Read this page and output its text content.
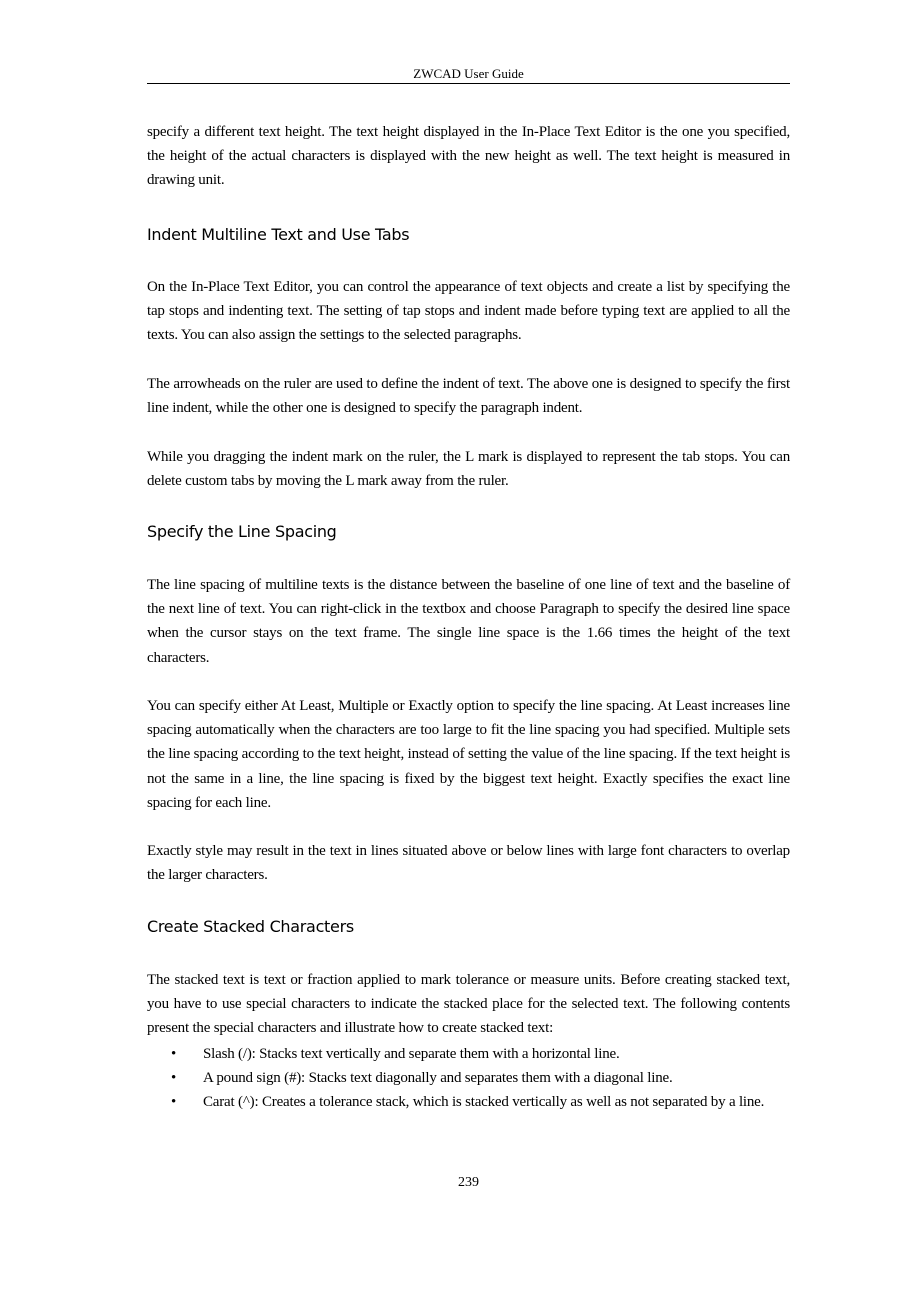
ZWCAD User Guide
specify a different text height. The text height displayed in the In-Place Text Editor is the one you specified, the height of the actual characters is displayed with the new height as well. The text height is measured in drawing unit.
Indent Multiline Text and Use Tabs
On the In-Place Text Editor, you can control the appearance of text objects and create a list by specifying the tap stops and indenting text. The setting of tap stops and indent made before typing text are applied to all the texts. You can also assign the settings to the selected paragraphs.
The arrowheads on the ruler are used to define the indent of text. The above one is designed to specify the first line indent, while the other one is designed to specify the paragraph indent.
While you dragging the indent mark on the ruler, the L mark is displayed to represent the tab stops. You can delete custom tabs by moving the L mark away from the ruler.
Specify the Line Spacing
The line spacing of multiline texts is the distance between the baseline of one line of text and the baseline of the next line of text. You can right-click in the textbox and choose Paragraph to specify the desired line space when the cursor stays on the text frame. The single line space is the 1.66 times the height of the text characters.
You can specify either At Least, Multiple or Exactly option to specify the line spacing. At Least increases line spacing automatically when the characters are too large to fit the line spacing you had specified. Multiple sets the line spacing according to the text height, instead of setting the value of the line spacing. If the text height is not the same in a line, the line spacing is fixed by the biggest text height. Exactly specifies the exact line spacing for each line.
Exactly style may result in the text in lines situated above or below lines with large font characters to overlap the larger characters.
Create Stacked Characters
The stacked text is text or fraction applied to mark tolerance or measure units. Before creating stacked text, you have to use special characters to indicate the stacked place for the selected text. The following contents present the special characters and illustrate how to create stacked text:
• Slash (/): Stacks text vertically and separate them with a horizontal line.
• A pound sign (#): Stacks text diagonally and separates them with a diagonal line.
• Carat (^): Creates a tolerance stack, which is stacked vertically as well as not separated by a line.
239
